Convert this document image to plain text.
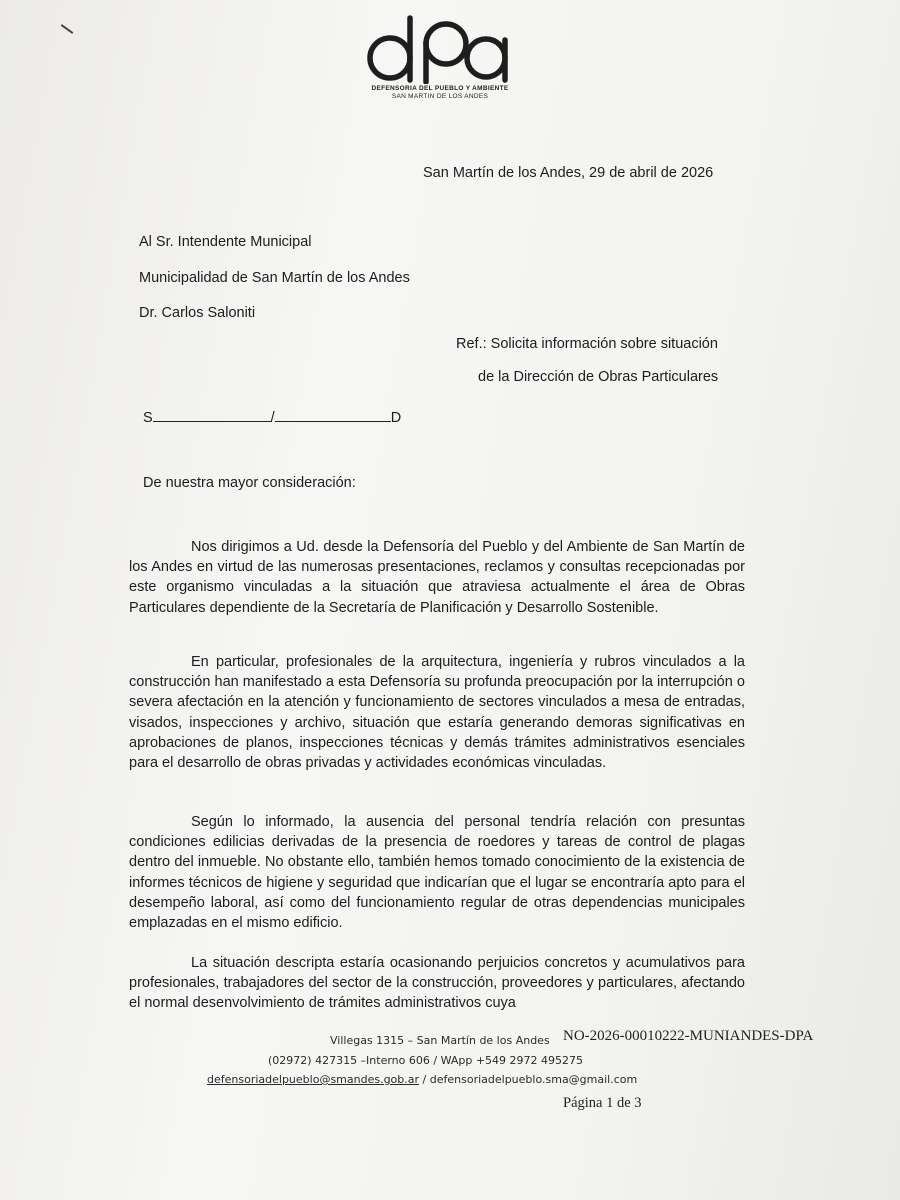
DEFENSORIA DEL PUEBLO Y AMBIENTE
SAN MARTIN DE LOS ANDES
San Martín de los Andes, 29 de abril de 2026
Al Sr. Intendente Municipal
Municipalidad de San Martín de los Andes
Dr. Carlos Saloniti
Ref.: Solicita información sobre situación
de la Dirección de Obras Particulares
S	/	D
De nuestra mayor consideración:

Nos dirigimos a Ud. desde la Defensoría del Pueblo y del Ambiente de San Martín de los Andes en virtud de las numerosas presentaciones, reclamos y consultas recepcionadas por este organismo vinculadas a la situación que atraviesa actualmente el área de Obras Particulares dependiente de la Secretaría de Planificación y Desarrollo Sostenible.

En particular, profesionales de la arquitectura, ingeniería y rubros vinculados a la construcción han manifestado a esta Defensoría su profunda preocupación por la interrupción o severa afectación en la atención y funcionamiento de sectores vinculados a mesa de entradas, visados, inspecciones y archivo, situación que estaría generando demoras significativas en aprobaciones de planos, inspecciones técnicas y demás trámites administrativos esenciales para el desarrollo de obras privadas y actividades económicas vinculadas.

Según lo informado, la ausencia del personal tendría relación con presuntas condiciones edilicias derivadas de la presencia de roedores y tareas de control de plagas dentro del inmueble. No obstante ello, también hemos tomado conocimiento de la existencia de informes técnicos de higiene y seguridad que indicarían que el lugar se encontraría apto para el desempeño laboral, así como del funcionamiento regular de otras dependencias municipales emplazadas en el mismo edificio.

La situación descripta estaría ocasionando perjuicios concretos y acumulativos para profesionales, trabajadores del sector de la construcción, proveedores y particulares, afectando el normal desenvolvimiento de trámites administrativos cuya

Villegas 1315 – San Martín de los Andes NO-2026-00010222-MUNIANDES-DPA
(02972) 427315 –Interno 606 / WApp +549 2972 495275
defensoriadelpueblo@smandes.gob.ar / defensoriadelpueblo.sma@gmail.com
Página 1 de 3
